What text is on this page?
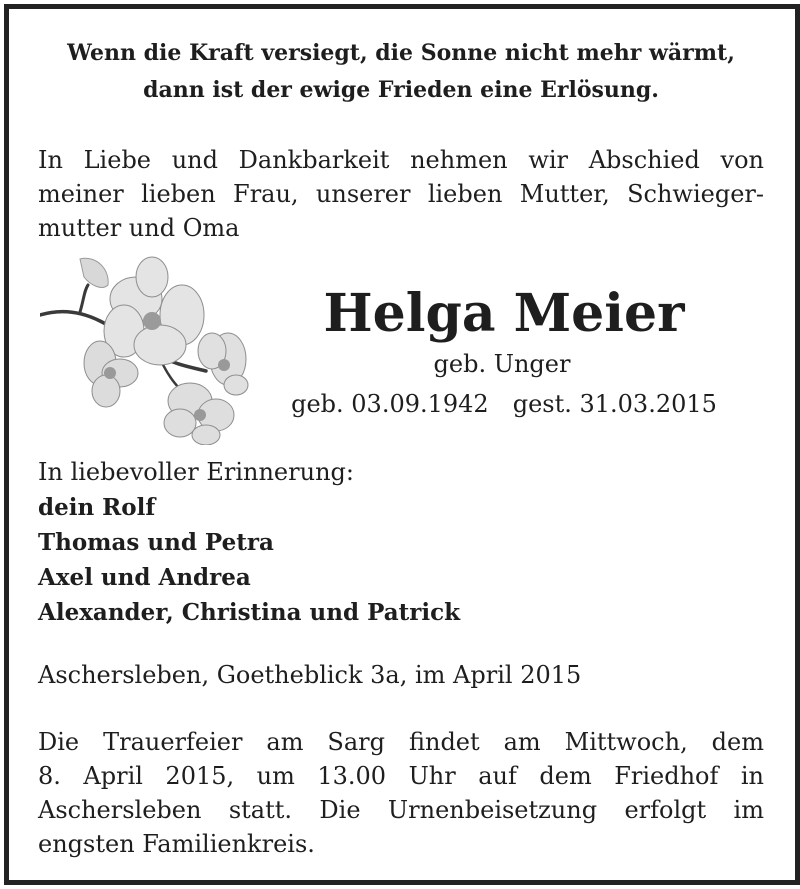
Wenn die Kraft versiegt, die Sonne nicht mehr wärmt,
dann ist der ewige Frieden eine Erlösung.
In Liebe und Dankbarkeit nehmen wir Abschied von
meiner lieben Frau, unserer lieben Mutter, Schwieger-
mutter und Oma
Helga Meier
geb. Unger
geb. 03.09.1942 gest. 31.03.2015
In liebevoller Erinnerung:
dein Rolf
Thomas und Petra
Axel und Andrea
Alexander, Christina und Patrick
Aschersleben, Goetheblick 3a, im April 2015
Die Trauerfeier am Sarg findet am Mittwoch, dem
8. April 2015, um 13.00 Uhr auf dem Friedhof in
Aschersleben statt. Die Urnenbeisetzung erfolgt im
engsten Familienkreis.
